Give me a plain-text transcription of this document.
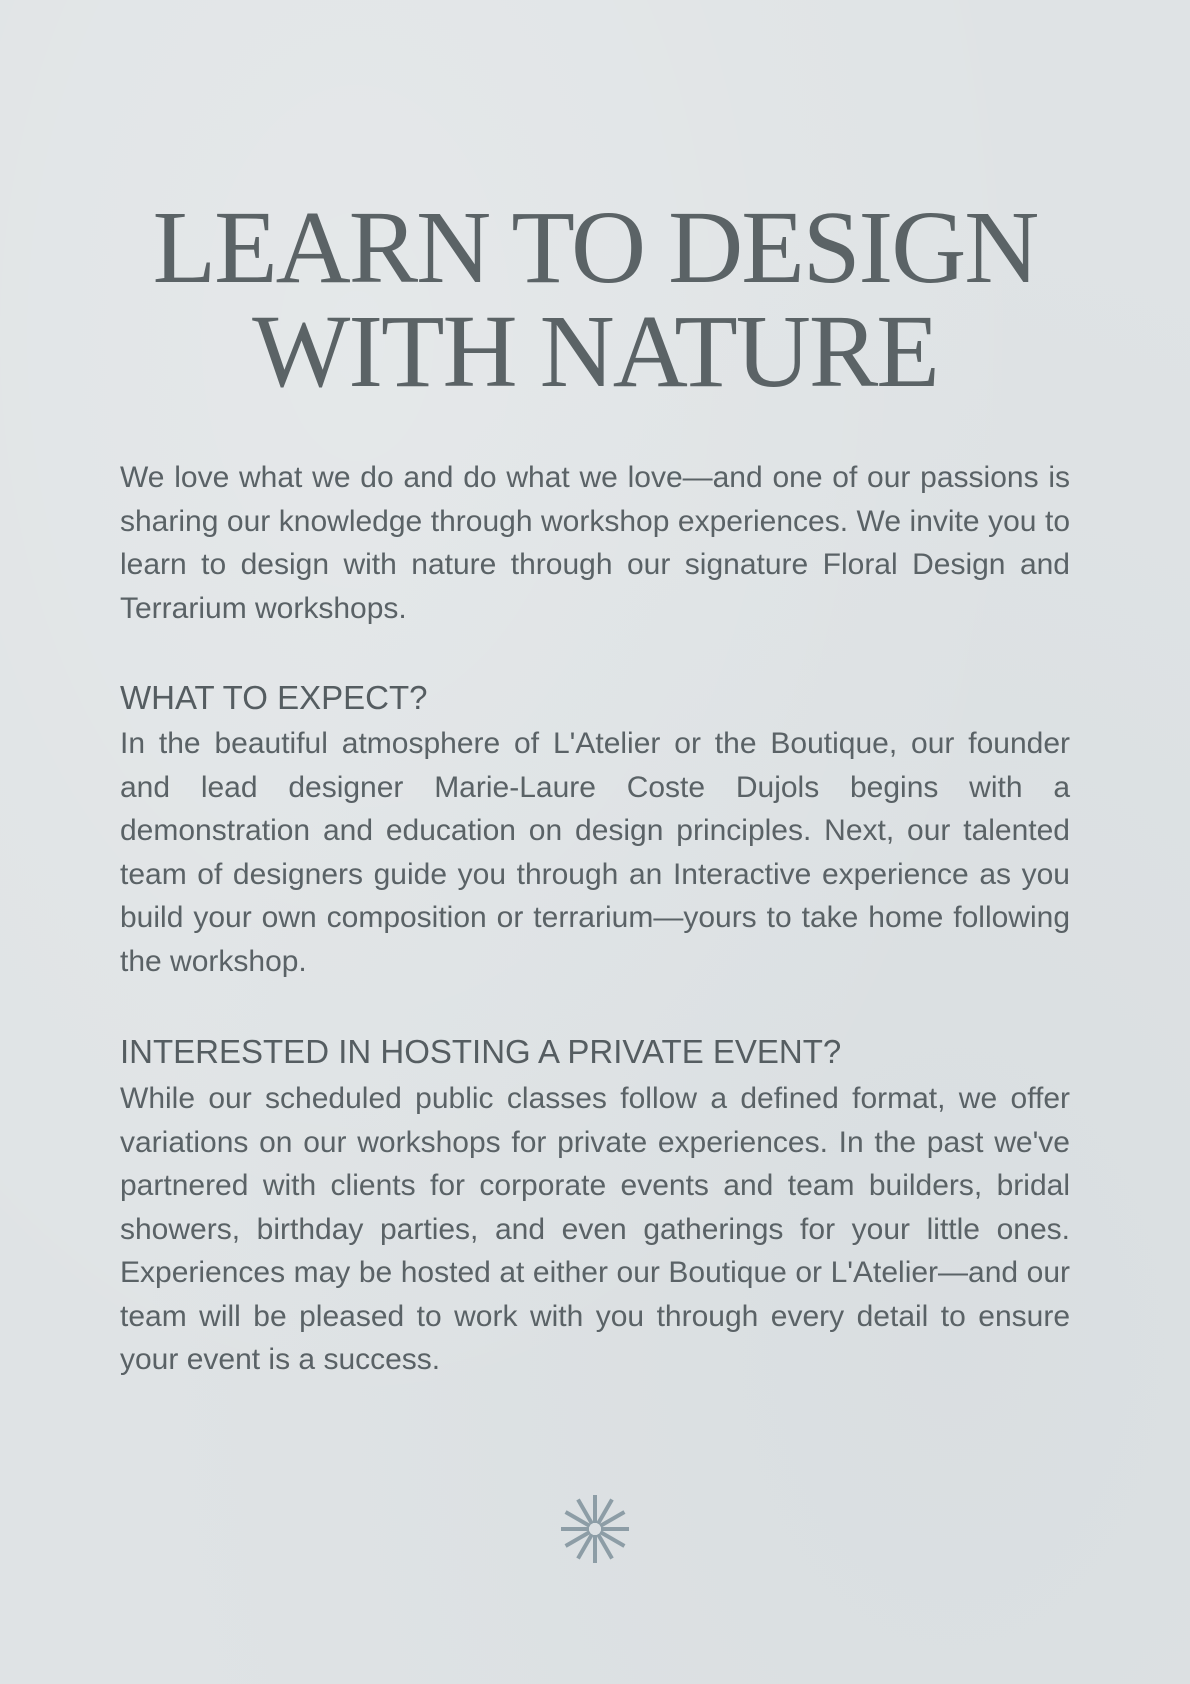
LEARN TO DESIGN
WITH NATURE

We love what we do and do what we love—and one of our passions is sharing our knowledge through workshop experiences. We invite you to learn to design with nature through our signature Floral Design and Terrarium workshops.

WHAT TO EXPECT?

In the beautiful atmosphere of L'Atelier or the Boutique, our founder and lead designer Marie-Laure Coste Dujols begins with a demonstration and education on design principles. Next, our talented team of designers guide you through an Interactive experience as you build your own composition or terrarium—yours to take home following the workshop.

INTERESTED IN HOSTING A PRIVATE EVENT?

While our scheduled public classes follow a defined format, we offer variations on our workshops for private experiences. In the past we've partnered with clients for corporate events and team builders, bridal showers, birthday parties, and even gatherings for your little ones. Experiences may be hosted at either our Boutique or L'Atelier—and our team will be pleased to work with you through every detail to ensure your event is a success.
